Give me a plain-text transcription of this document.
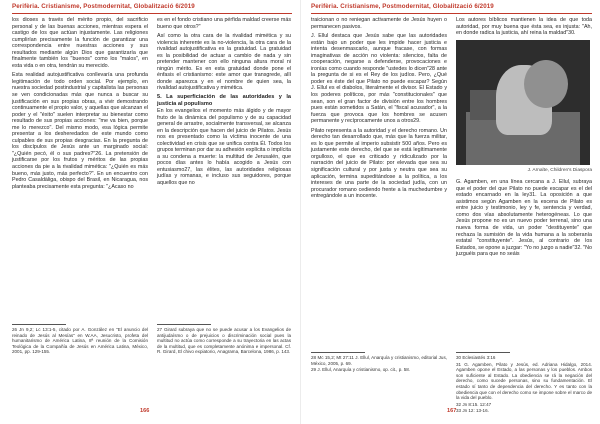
Perifèria. Cristianisme, Postmodernitat, Globalització 6/2019

los dioses a través del mérito propio, del sacrificio personal y de las buenas acciones, mientras espera el castigo de los que actúan injustamente. Las religiones cumplirían precisamente la función de garantizar una correspondencia entre nuestras acciones y sus resultados mediante algún Dios que garantizaría que finalmente también los "buenos" como los "malos", en esta vida o en otra, tendrán su merecido.

Esta realidad autojustificativa conllevaría una profunda legitimación de todo orden social. Por ejemplo, en nuestra sociedad postindustrial y capitalista las personas se ven condicionadas más que nunca a buscar su justificación en sus propias obras, a vivir demostrando continuamente el propio valor, y aquellas que alcanzan el poder y el "éxito" suelen interpretar su bienestar como resultado de sus propias acciones: "me va bien, porque me lo merezco". Del mismo modo, esa lógica permite presentar a los desheredados de este mundo como culpables de sus propias desgracias. En la pregunta de los discípulos de Jesús ante un marginado social: "¿Quién pecó, él o sus padres?"26. La pretensión de justificarse por los frutos y méritos de las propias acciones da pie a la rivalidad mimética: "¿Quién es más bueno, más justo, más perfecto?". En un encuentro con Pedro Casaldàliga, obispo del Brasil, en Nicaragua, nos planteaba precisamente esta pregunta: "¿Acaso no

es en el fondo cristiano una pérfida maldad creerse más bueno que otros?"

Así como la otra cara de la rivalidad mimética y su violencia inherente es la no-violencia, la otra cara de la rivalidad autojustificativa es la gratuidad. La gratuidad es la posibilidad de actuar a cambio de nada y sin pretender mantener con ello ninguna altura moral ni ningún mérito. Es en esta gratuidad donde pone el énfasis el cristianismo: este amor que transgrede, allí donde aparezca y en el nombre de quien sea, la rivalidad autojustificativa y mimética.

5. La superficiación de las autoridades y la justicia al populismo

En los evangelios el momento más álgido y de mayor fruto de la dinámica del populismo y de su capacidad general de arrastre, socialmente transversal, se alcanza en la descripción que hacen del juicio de Pilatos. Jesús nos es presentado como la víctima inocente de una colectividad en crisis que se unifica contra Él. Todos los grupos terminan por dar su adhesión explícita o implícita a su condena a muerte: la multitud de Jerusalén, que pocos días antes lo había acogido a Jesús con entusiasmo27, las élites, las autoridades religiosas judías y romanas, e incluso sus seguidores, porque aquellos que no

26 Jn 9,2; Lc 13:1-5, citado por A. González en "El anuncio del reinado de Jesús al Mesías" en W.AA, Jesucristo, profeta del humanitarismo de América Latina, 8ª reunión de la Comisión Teológica de la Compañía de Jesús en América Latina, México, 2001, pp. 129-155.

27 Girard subraya que no se puede acusar a los Evangelios de antijudaísmo o de prejuicios o discriminación social pues la multitud no actúa como corresponde a su trayectoria en las actas de la multitud, que es completamente anónima e impersonal. Cf. R. Girard, El chivo expiatorio, Anagrama, Barcelona, 1986, p. 143.

166
Perifèria. Cristianisme, Postmodernitat, Globalització 6/2019

traicionan o no reniegan activamente de Jesús huyen o permanecen pasivos.

J. Ellul destaca que Jesús sabe que las autoridades están bajo un poder que les impide hacer justicia e intenta desenmascarlo, aunque fracase, con formas imaginativas de acción no violenta: silencios, falta de cooperación, negarse a defenderse, provocaciones e ironías como cuando responde "ustedes lo dicen"28 ante la pregunta de si es el Rey de los judíos. Pero, ¿Qué poder es éste del que Pilato no puede escapar? Según J. Ellul es el diabolos, literalmente el divisor. El Estado y los poderes políticos, por más "constitucionales" que sean, son el gran factor de división entre los hombres pues están sometidos a Satán, el "fiscal acusador", a la fuerza que provoca que los hombres se acusen permanente y recíprocamente unos a otros29.

Pilato representa a la autoridad y el derecho romano. Un derecho tan desarrollado que, más que la fuerza militar, es lo que permite al imperio subsistir 500 años. Pero es justamente este derecho, del que se está legítimamente orgulloso, el que es criticado y ridiculizado por la narración del juicio de Pilato: por elevada que sea su significación cultural y por justa y neutra que sea su aplicación, termina supeditándose a la política, a los intereses de una parte de la sociedad judía, con un procurador romano cediendo frente a la muchedumbre y entregándole a un inocente.

Los autores bíblicos mantienen la idea de que toda autoridad, por muy buena que ésta sea, es injusta: "Ah, en donde radica la justicia, ahí reina la maldad"30.

J. Arnalte, Children's Diaspora

G. Agamben, en una línea cercana a J. Ellul, subraya que el poder del que Pilato no puede escapar es el del estado encarnado en la ley31. La oposición a que asistimos según Agamben en la escena de Pilato es entre juicio y testimonio, ley y fe, sentencia y verdad, como dos vías absolutamente heterogéneas. Lo que Jesús propone no es un nuevo poder terrenal, sino una nueva forma de vida, un poder "destituyente" que rechaza la sumisión de la vida humana a la soberanía estatal "constituyente". Jesús, al contrario de los Estados, se opone a juzgar: "Yo no juzgo a nadie"32. "No juzguéis para que no seáis

28 Mc 15,2; Mt 27:11 J. Ellul, Anarquía y cristianismo, editorial Jus, México, 2005, p. 69.

29 J. Ellul, Anarquía y cristianismo, op. cit., p. 58.

30 Eclesiastés 3:16

31 G. Agamben, Pilato y Jesús, ed. Adriana Hidalgo, 2014. Agamben opone el Estado, a las personas y los pueblos. Ambos son suficiente al Estado. La obediencia se rá la negación del derecho, como sucede personas, sino su fundamentación. El estado sí tanto de dependencia del derecho. Y es tanto con la obediencia que con el derecho como se impone sobre el marco de la vida del pueblo.

32 Jn 8:15. 12:47

33 Jn 12: 13-16.

167
